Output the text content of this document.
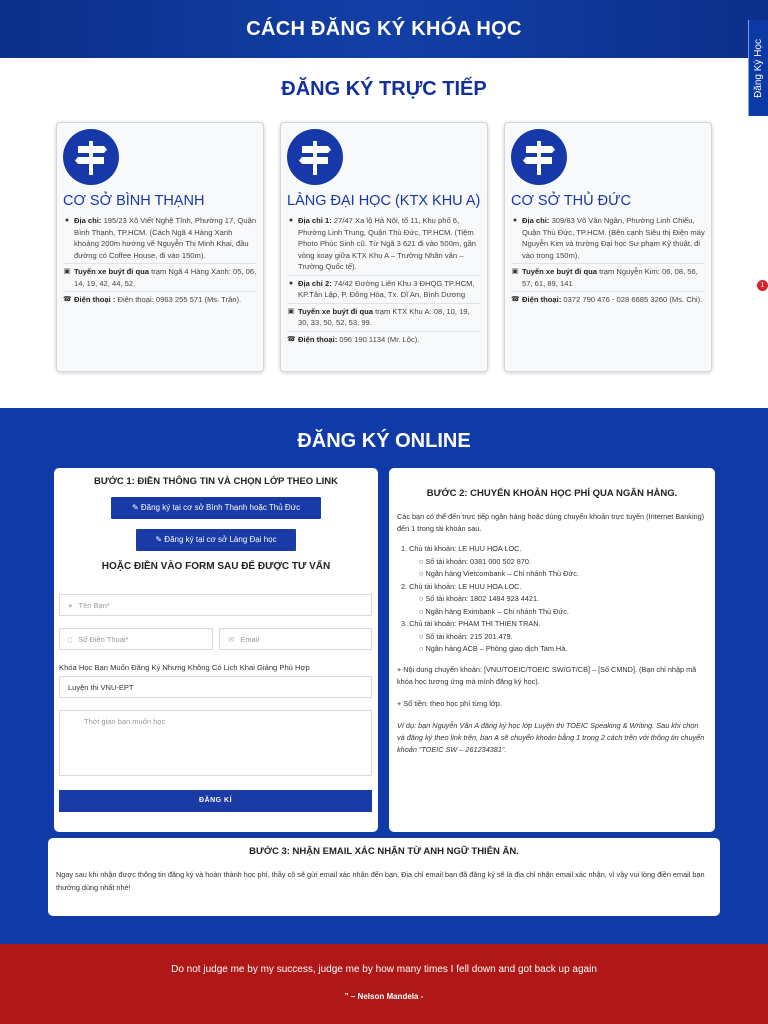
CÁCH ĐĂNG KÝ KHÓA HỌC
Đăng Ký Học
1
ĐĂNG KÝ TRỰC TIẾP
CƠ SỞ BÌNH THẠNH
● Địa chỉ: 195/23 Xô Viết Nghệ Tĩnh, Phường 17, Quận Bình Thạnh, TP.HCM. (Cách Ngã 4 Hàng Xanh khoảng 200m hướng về Nguyễn Thị Minh Khai, đầu đường có Coffee House, đi vào 150m).
▣ Tuyến xe buýt đi qua trạm Ngã 4 Hàng Xanh: 05, 06, 14, 19, 42, 44, 52.
☎ Điện thoại : Điện thoại: 0963 255 571 (Ms. Trân).
LÀNG ĐẠI HỌC (KTX KHU A)
● Địa chỉ 1: 27/47 Xa lộ Hà Nội, tổ 11, Khu phố 6, Phường Linh Trung, Quận Thủ Đức, TP.HCM. (Tiệm Photo Phúc Sinh cũ. Từ Ngã 3 621 đi vào 500m, gần vòng xoay giữa KTX Khu A – Trường Nhân văn – Trường Quốc tế).
● Địa chỉ 2: 74/42 Đường Liên Khu 3 ĐHQG TP.HCM, KP.Tân Lập, P. Đông Hòa, Tx. Dĩ An, Bình Dương
▣ Tuyến xe buýt đi qua trạm KTX Khu A: 08, 10, 19, 30, 33, 50, 52, 53, 99.
☎ Điện thoại: 096 190 1134 (Mr. Lộc).
CƠ SỞ THỦ ĐỨC
● Địa chỉ: 309/83 Võ Văn Ngân, Phường Linh Chiểu, Quận Thủ Đức, TP.HCM. (Bên cạnh Siêu thị Điện máy Nguyễn Kim và trường Đại học Sư phạm Kỹ thuật, đi vào trong 150m).
▣ Tuyến xe buýt đi qua trạm Nguyễn Kim: 06, 08, 56, 57, 61, 89, 141
☎ Điện thoại: 0372 790 476 - 028 6685 3260 (Ms. Chi).
ĐĂNG KÝ ONLINE
BƯỚC 1: ĐIỀN THÔNG TIN VÀ CHỌN LỚP THEO LINK
✎ Đăng ký tại cơ sở Bình Thạnh hoặc Thủ Đức
✎ Đăng ký tại cơ sở Làng Đại học
HOẶC ĐIỀN VÀO FORM SAU ĐỂ ĐƯỢC TƯ VẤN
● Tên Bạn*
▯ Số Điện Thoại*	✉ Email
Khóa Học Bạn Muốn Đăng Ký Nhưng Không Có Lịch Khai Giảng Phù Hợp
Luyện thi VNU-EPT
Thời gian bạn muốn học
ĐĂNG KÍ
BƯỚC 2: CHUYỂN KHOẢN HỌC PHÍ QUA NGÂN HÀNG.
Các bạn có thể đến trực tiếp ngân hàng hoặc dùng chuyển khoản trực tuyến (Internet Banking) đến 1 trong tài khoản sau.
1. Chủ tài khoản: LE HUU HOA LOC.
○ Số tài khoản: 0381 000 502 870.
○ Ngân hàng Vietcombank – Chi nhánh Thủ Đức.
2. Chủ tài khoản: LE HUU HOA LOC.
○ Số tài khoản: 1802 1484 923 4421.
○ Ngân hàng Eximbank – Chi nhánh Thủ Đức.
3. Chủ tài khoản: PHAM THI THIEN TRAN.
○ Số tài khoản: 215 201 479.
○ Ngân hàng ACB – Phòng giao dịch Tam Hà.
+ Nội dung chuyển khoản: [VNU/TOEIC/TOEIC SW/GT/CB] – [Số CMND]. (Bạn chỉ nhập mã khóa học tương ứng mà mình đăng ký học).
+ Số tiền: theo học phí từng lớp.
Ví dụ: bạn Nguyễn Văn A đăng ký học lớp Luyện thi TOEIC Speaking & Writing. Sau khi chọn và đăng ký theo link trên, bạn A sẽ chuyển khoản bằng 1 trong 2 cách trên với thông tin chuyển khoản “TOEIC SW – 261234381”.
BƯỚC 3: NHẬN EMAIL XÁC NHẬN TỪ ANH NGỮ THIÊN ÂN.
Ngay sau khi nhận được thông tin đăng ký và hoàn thành học phí, thầy cô sẽ gửi email xác nhận đến bạn. Địa chỉ email bạn đã đăng ký sẽ là địa chỉ nhận email xác nhận, vì vậy vui lòng điền email bạn thường dùng nhất nhé!
Do not judge me by my success, judge me by how many times I fell down and got back up again
” – Nelson Mandela -
